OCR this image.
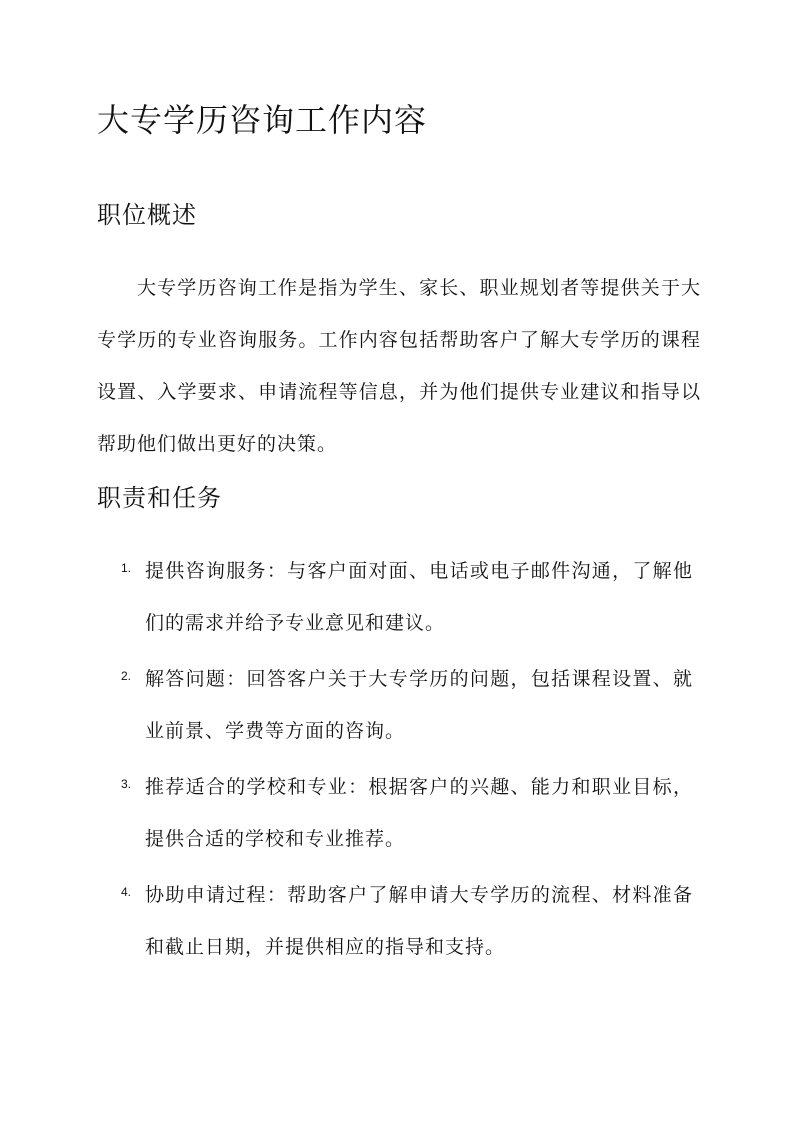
大专学历咨询工作内容
职位概述

大专学历咨询工作是指为学生、家长、职业规划者等提供关于大专学历的专业咨询服务。工作内容包括帮助客户了解大专学历的课程设置、入学要求、申请流程等信息，并为他们提供专业建议和指导以帮助他们做出更好的决策。

职责和任务
1. 提供咨询服务：与客户面对面、电话或电子邮件沟通，了解他们的需求并给予专业意见和建议。

2. 解答问题：回答客户关于大专学历的问题，包括课程设置、就业前景、学费等方面的咨询。

3. 推荐适合的学校和专业：根据客户的兴趣、能力和职业目标，提供合适的学校和专业推荐。

4. 协助申请过程：帮助客户了解申请大专学历的流程、材料准备和截止日期，并提供相应的指导和支持。
